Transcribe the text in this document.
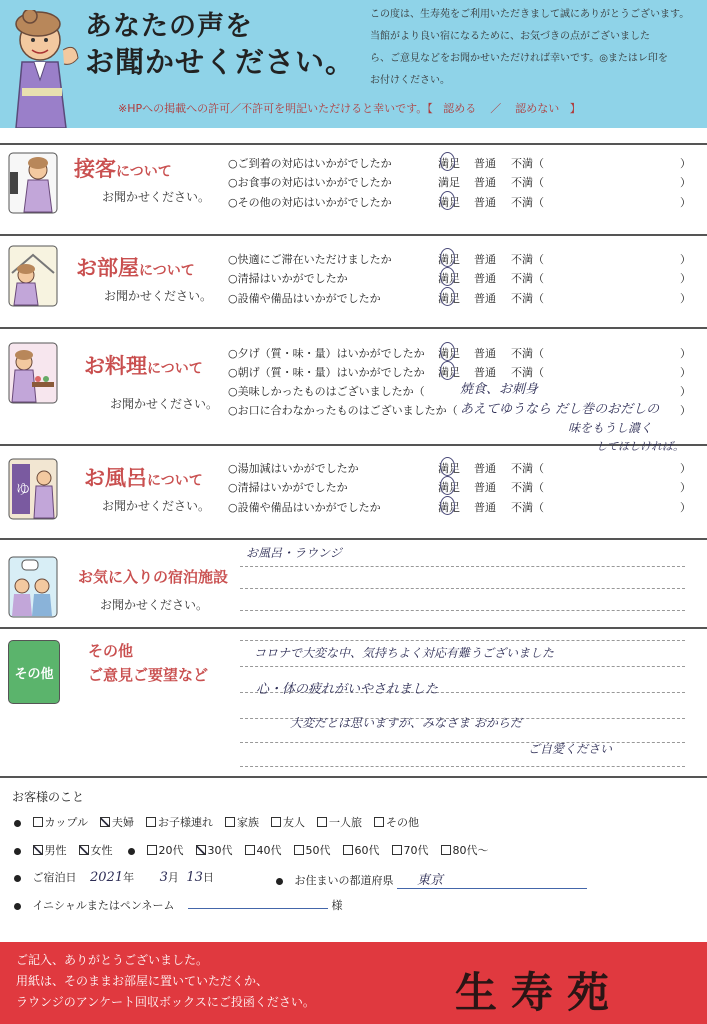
あなたの声を
お聞かせください。
この度は、生寿苑をご利用いただきまして誠にありがとうございます。
当館がより良い宿になるために、お気づきの点がございました
ら、ご意見などをお聞かせいただければ幸いです。◎またはレ印を
お付けください。
※HPへの掲載への許可／不許可を明記いただけると幸いです。【 認める ／ 認めない 】
接客について
お聞かせください。
お部屋について
お聞かせください。
お料理について
お聞かせください。
ゆ	お風呂について
お聞かせください。
お気に入りの宿泊施設
お聞かせください。
その他
その他
ご意見ご要望など
○ご到着の対応はいかがでしたか	満足 普通 不満（	）
○お食事の対応はいかがでしたか	満足 普通 不満（	）
○その他の対応はいかがでしたか	満足 普通 不満（	）
○快適にご滞在いただけましたか	満足 普通 不満（	）
○清掃はいかがでしたか	満足 普通 不満（	）
○設備や備品はいかがでしたか	満足 普通 不満（	）
○夕げ（質・味・量）はいかがでしたか 満足 普通 不満（	）
○朝げ（質・味・量）はいかがでしたか 満足 普通 不満（	）
○美味しかったものはございましたか（	）
○お口に合わなかったものはございましたか（	）
○湯加減はいかがでしたか	満足 普通 不満（	）
○清掃はいかがでしたか	満足 普通 不満（	）
○設備や備品はいかがでしたか	満足 普通 不満（	）
焼食、お刺身
あえてゆうなら だし巻のおだしの
味をもうし濃く
してほしければ。
お風呂・ラウンジ
コロナで大変な中、気持ちよく対応有難うございました
心・体の疲れがいやされました
大変だとは思いますが、みなさま おからだ
ご自愛ください
お客様のこと
カップル 夫婦 お子様連れ 家族 友人 一人旅 その他
男性 女性	20代 30代 40代 50代 60代 70代 80代〜
ご宿泊日 2021年 3月 13日	お住まいの都道府県 東京
イニシャルまたはペンネーム	様
ご記入、ありがとうございました。
用紙は、そのままお部屋に置いていただくか、
ラウンジのアンケート回収ボックスにご投函ください。	生寿苑
